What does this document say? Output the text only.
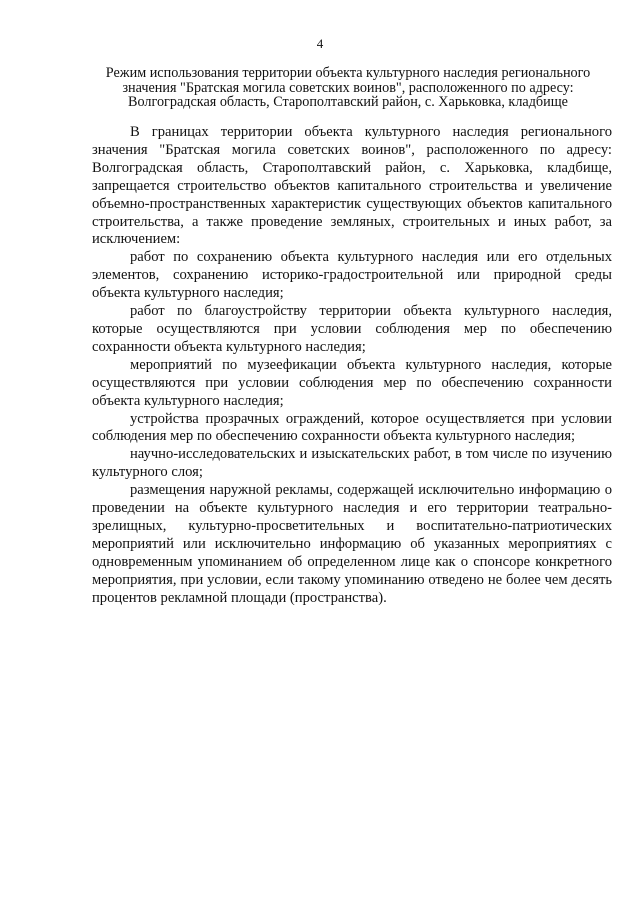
4
Режим использования территории объекта культурного наследия регионального
значения "Братская могила советских воинов", расположенного по адресу:
Волгоградская область, Старополтавский район, с. Харьковка, кладбище

В границах территории объекта культурного наследия регионального значения "Братская могила советских воинов", расположенного по адресу: Волгоградская область, Старополтавский район, с. Харьковка, кладбище, запрещается строительство объектов капитального строительства и увеличение объемно-пространственных характеристик существующих объектов капитального строительства, а также проведение земляных, строительных и иных работ, за исключением:

работ по сохранению объекта культурного наследия или его отдельных элементов, сохранению историко-градостроительной или природной среды объекта культурного наследия;

работ по благоустройству территории объекта культурного наследия, которые осуществляются при условии соблюдения мер по обеспечению сохранности объекта культурного наследия;

мероприятий по музеефикации объекта культурного наследия, которые осуществляются при условии соблюдения мер по обеспечению сохранности объекта культурного наследия;

устройства прозрачных ограждений, которое осуществляется при условии соблюдения мер по обеспечению сохранности объекта культурного наследия;

научно-исследовательских и изыскательских работ, в том числе по изучению культурного слоя;

размещения наружной рекламы, содержащей исключительно информацию о проведении на объекте культурного наследия и его территории театрально-зрелищных, культурно-просветительных и воспитательно-патриотических мероприятий или исключительно информацию об указанных мероприятиях с одновременным упоминанием об определенном лице как о спонсоре конкретного мероприятия, при условии, если такому упоминанию отведено не более чем десять процентов рекламной площади (пространства).
